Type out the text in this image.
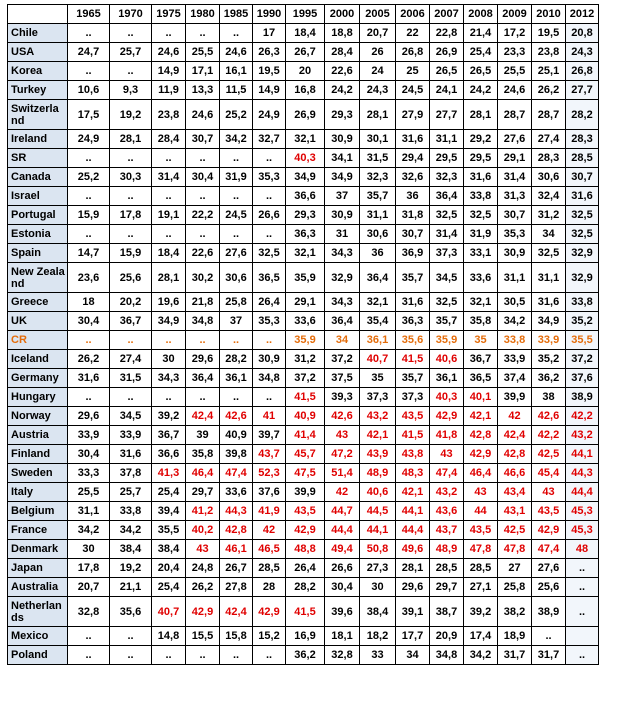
	1965	1970	1975	1980	1985	1990	1995	2000	2005	2006	2007	2008	2009	2010	2012
Chile	..	..	..	..	..	17	18,4	18,8	20,7	22	22,8	21,4	17,2	19,5	20,8
USA	24,7	25,7	24,6	25,5	24,6	26,3	26,7	28,4	26	26,8	26,9	25,4	23,3	23,8	24,3
Korea	..	..	14,9	17,1	16,1	19,5	20	22,6	24	25	26,5	26,5	25,5	25,1	26,8
Turkey	10,6	9,3	11,9	13,3	11,5	14,9	16,8	24,2	24,3	24,5	24,1	24,2	24,6	26,2	27,7
Switzerland	17,5	19,2	23,8	24,6	25,2	24,9	26,9	29,3	28,1	27,9	27,7	28,1	28,7	28,7	28,2
Ireland	24,9	28,1	28,4	30,7	34,2	32,7	32,1	30,9	30,1	31,6	31,1	29,2	27,6	27,4	28,3
SR	..	..	..	..	..	..	40,3	34,1	31,5	29,4	29,5	29,5	29,1	28,3	28,5
Canada	25,2	30,3	31,4	30,4	31,9	35,3	34,9	34,9	32,3	32,6	32,3	31,6	31,4	30,6	30,7
Israel	..	..	..	..	..	..	36,6	37	35,7	36	36,4	33,8	31,3	32,4	31,6
Portugal	15,9	17,8	19,1	22,2	24,5	26,6	29,3	30,9	31,1	31,8	32,5	32,5	30,7	31,2	32,5
Estonia	..	..	..	..	..	..	36,3	31	30,6	30,7	31,4	31,9	35,3	34	32,5
Spain	14,7	15,9	18,4	22,6	27,6	32,5	32,1	34,3	36	36,9	37,3	33,1	30,9	32,5	32,9
New Zealand	23,6	25,6	28,1	30,2	30,6	36,5	35,9	32,9	36,4	35,7	34,5	33,6	31,1	31,1	32,9
Greece	18	20,2	19,6	21,8	25,8	26,4	29,1	34,3	32,1	31,6	32,5	32,1	30,5	31,6	33,8
UK	30,4	36,7	34,9	34,8	37	35,3	33,6	36,4	35,4	36,3	35,7	35,8	34,2	34,9	35,2
CR	..	..	..	..	..	..	35,9	34	36,1	35,6	35,9	35	33,8	33,9	35,5
Iceland	26,2	27,4	30	29,6	28,2	30,9	31,2	37,2	40,7	41,5	40,6	36,7	33,9	35,2	37,2
Germany	31,6	31,5	34,3	36,4	36,1	34,8	37,2	37,5	35	35,7	36,1	36,5	37,4	36,2	37,6
Hungary	..	..	..	..	..	..	41,5	39,3	37,3	37,3	40,3	40,1	39,9	38	38,9
Norway	29,6	34,5	39,2	42,4	42,6	41	40,9	42,6	43,2	43,5	42,9	42,1	42	42,6	42,2
Austria	33,9	33,9	36,7	39	40,9	39,7	41,4	43	42,1	41,5	41,8	42,8	42,4	42,2	43,2
Finland	30,4	31,6	36,6	35,8	39,8	43,7	45,7	47,2	43,9	43,8	43	42,9	42,8	42,5	44,1
Sweden	33,3	37,8	41,3	46,4	47,4	52,3	47,5	51,4	48,9	48,3	47,4	46,4	46,6	45,4	44,3
Italy	25,5	25,7	25,4	29,7	33,6	37,6	39,9	42	40,6	42,1	43,2	43	43,4	43	44,4
Belgium	31,1	33,8	39,4	41,2	44,3	41,9	43,5	44,7	44,5	44,1	43,6	44	43,1	43,5	45,3
France	34,2	34,2	35,5	40,2	42,8	42	42,9	44,4	44,1	44,4	43,7	43,5	42,5	42,9	45,3
Denmark	30	38,4	38,4	43	46,1	46,5	48,8	49,4	50,8	49,6	48,9	47,8	47,8	47,4	48
Japan	17,8	19,2	20,4	24,8	26,7	28,5	26,4	26,6	27,3	28,1	28,5	28,5	27	27,6	..
Australia	20,7	21,1	25,4	26,2	27,8	28	28,2	30,4	30	29,6	29,7	27,1	25,8	25,6	..
Netherlands	32,8	35,6	40,7	42,9	42,4	42,9	41,5	39,6	38,4	39,1	38,7	39,2	38,2	38,9	..
Mexico	..	..	14,8	15,5	15,8	15,2	16,9	18,1	18,2	17,7	20,9	17,4	18,9	..	
Poland	..	..	..	..	..	..	36,2	32,8	33	34	34,8	34,2	31,7	31,7	..
